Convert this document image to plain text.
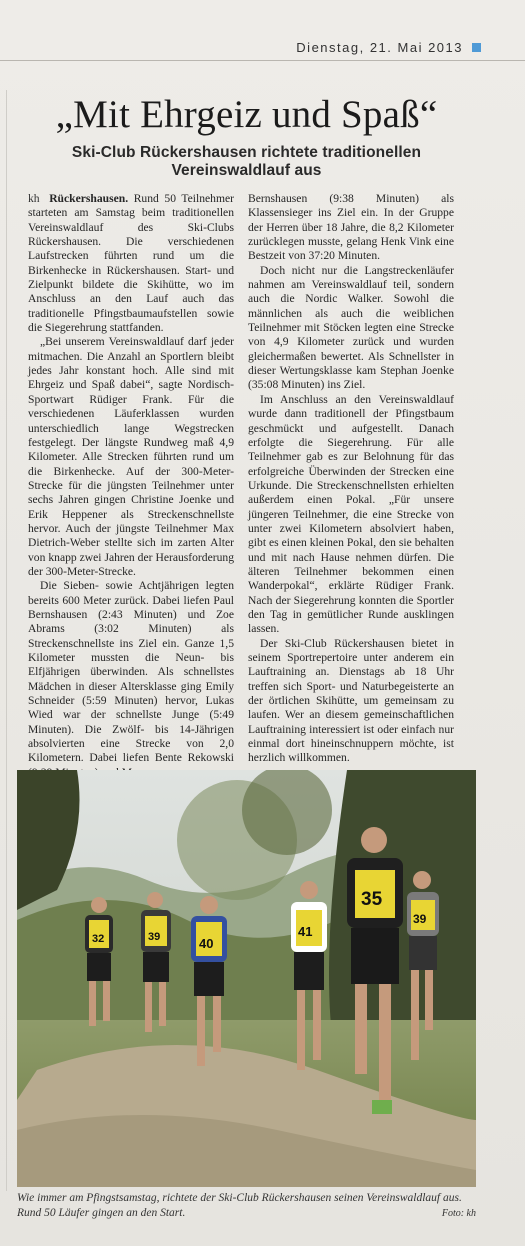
Dienstag, 21. Mai 2013
„Mit Ehrgeiz und Spaß“
Ski-Club Rückershausen richtete traditionellen Vereinswaldlauf aus

kh Rückershausen. Rund 50 Teilnehmer starteten am Samstag beim traditionellen Vereinswaldlauf des Ski-Clubs Rückershausen. Die verschiedenen Laufstrecken führten rund um die Birkenhecke in Rückershausen. Start- und Zielpunkt bildete die Skihütte, wo im Anschluss an den Lauf auch das traditionelle Pfingstbaumaufstellen sowie die Siegerehrung stattfanden.

„Bei unserem Vereinswaldlauf darf jeder mitmachen. Die Anzahl an Sportlern bleibt jedes Jahr konstant hoch. Alle sind mit Ehrgeiz und Spaß dabei“, sagte Nordisch-Sportwart Rüdiger Frank. Für die verschiedenen Läuferklassen wurden unterschiedlich lange Wegstrecken festgelegt. Der längste Rundweg maß 4,9 Kilometer. Alle Strecken führten rund um die Birkenhecke. Auf der 300-Meter-Strecke für die jüngsten Teilnehmer unter sechs Jahren gingen Christine Joenke und Erik Heppener als Streckenschnellste hervor. Auch der jüngste Teilnehmer Max Dietrich-Weber stellte sich im zarten Alter von knapp zwei Jahren der Herausforderung der 300-Meter-Strecke.

Die Sieben- sowie Achtjährigen legten bereits 600 Meter zurück. Dabei liefen Paul Bernshausen (2:43 Minuten) und Zoe Abrams (3:02 Minuten) als Streckenschnellste ins Ziel ein. Ganze 1,5 Kilometer mussten die Neun- bis Elfjährigen überwinden. Als schnellstes Mädchen in dieser Altersklasse ging Emily Schneider (5:59 Minuten) hervor, Lukas Wied war der schnellste Junge (5:49 Minuten). Die Zwölf- bis 14-Jährigen absolvierten eine Strecke von 2,0 Kilometern. Dabei liefen Bente Rekowski

Bernshausen (9:38 Minuten) als Klassensieger ins Ziel ein. In der Gruppe der Herren über 18 Jahre, die 8,2 Kilometer zurücklegen musste, gelang Henk Vink eine Bestzeit von 37:20 Minuten.

Doch nicht nur die Langstreckenläufer nahmen am Vereinswaldlauf teil, sondern auch die Nordic Walker. Sowohl die männlichen als auch die weiblichen Teilnehmer mit Stöcken legten eine Strecke von 4,9 Kilometer zurück und wurden gleichermaßen bewertet. Als Schnellster in dieser Wertungsklasse kam Stephan Joenke (35:08 Minuten) ins Ziel.

Im Anschluss an den Vereinswaldlauf wurde dann traditionell der Pfingstbaum geschmückt und aufgestellt. Danach erfolgte die Siegerehrung. Für alle Teilnehmer gab es zur Belohnung für das erfolgreiche Überwinden der Strecken eine Urkunde. Die Streckenschnellsten erhielten außerdem einen Pokal. „Für unsere jüngeren Teilnehmer, die eine Strecke von unter zwei Kilometern absolviert haben, gibt es einen kleinen Pokal, den sie behalten und mit nach Hause nehmen dürfen. Die älteren Teilnehmer bekommen einen Wanderpokal“, erklärte Rüdiger Frank. Nach der Siegerehrung konnten die Sportler den Tag in gemütlicher Runde ausklingen lassen.

Der Ski-Club Rückershausen bietet in seinem Sportrepertoire unter anderem ein Lauftraining an. Dienstags ab 18 Uhr treffen sich Sport- und Naturbegeisterte an der örtlichen Skihütte, um gemeinsam zu laufen. Wer an diesem gemeinschaftlichen Lauftraining interessiert ist oder einfach nur einmal dort hineinschnuppern möchte, ist herzlich willkommen.

32	39	40
41
35
39
Wie immer am Pfingstsamstag, richtete der Ski-Club Rückershausen seinen Vereinswaldlauf aus. Rund 50 Läufer gingen an den Start.	Foto: kh
